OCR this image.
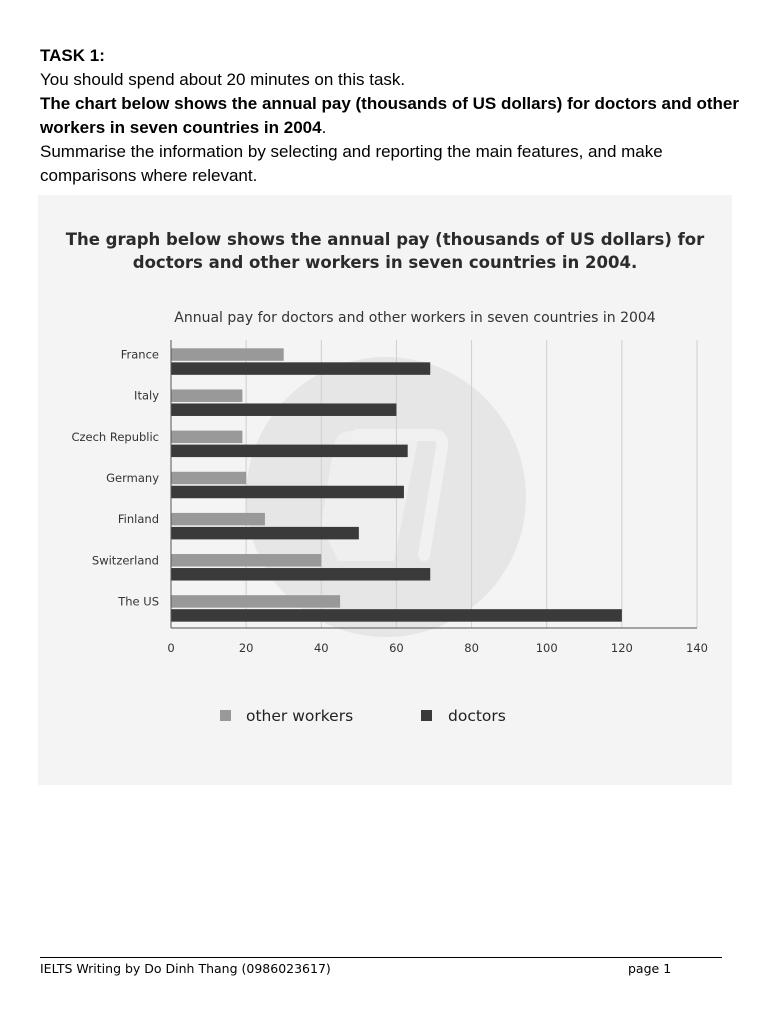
TASK 1:

You should spend about 20 minutes on this task.

The chart below shows the annual pay (thousands of US dollars) for doctors and other workers in seven countries in 2004.

Summarise the information by selecting and reporting the main features, and make comparisons where relevant.

France
Italy
Czech Republic
Germany
Finland
Switzerland
The US
0	20	40	60	80	100	120	140
Annual pay for doctors and other workers in seven countries in 2004
other workers	doctors
The graph below shows the annual pay (thousands of US dollars) for
doctors and other workers in seven countries in 2004.
IELTS Writing by Do Dinh Thang (0986023617)	page 1
